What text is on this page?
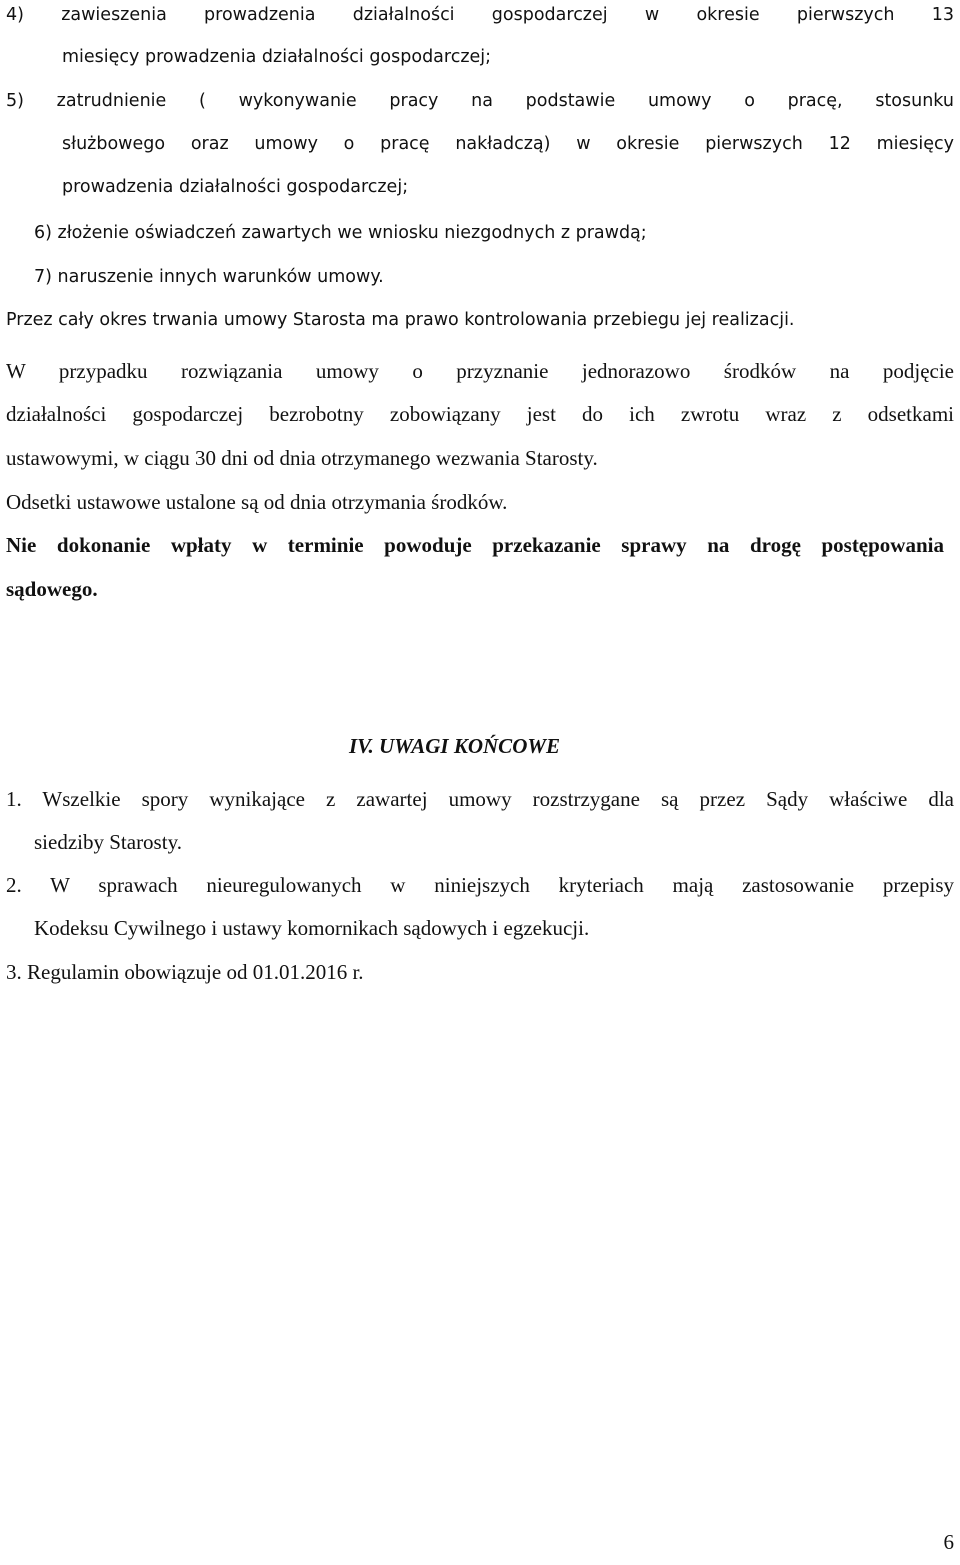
4) zawieszenia prowadzenia działalności gospodarczej w okresie pierwszych 13
miesięcy prowadzenia działalności gospodarczej;
5) zatrudnienie ( wykonywanie pracy na podstawie umowy o pracę, stosunku
służbowego oraz umowy o pracę nakładczą) w okresie pierwszych 12 miesięcy
prowadzenia działalności gospodarczej;
6) złożenie oświadczeń zawartych we wniosku niezgodnych z prawdą;
7) naruszenie innych warunków umowy.
Przez cały okres trwania umowy Starosta ma prawo kontrolowania przebiegu jej realizacji.
W przypadku rozwiązania umowy o przyznanie jednorazowo środków na podjęcie
działalności gospodarczej bezrobotny zobowiązany jest do ich zwrotu wraz z odsetkami
ustawowymi, w ciągu 30 dni od dnia otrzymanego wezwania Starosty.
Odsetki ustawowe ustalone są od dnia otrzymania środków.
Nie dokonanie wpłaty w terminie powoduje przekazanie sprawy na drogę postępowania
sądowego.
IV. UWAGI KOŃCOWE
1. Wszelkie spory wynikające z zawartej umowy rozstrzygane są przez Sądy właściwe dla
siedziby Starosty.
2. W sprawach nieuregulowanych w niniejszych kryteriach mają zastosowanie przepisy
Kodeksu Cywilnego i ustawy komornikach sądowych i egzekucji.
3. Regulamin obowiązuje od 01.01.2016 r.
6
